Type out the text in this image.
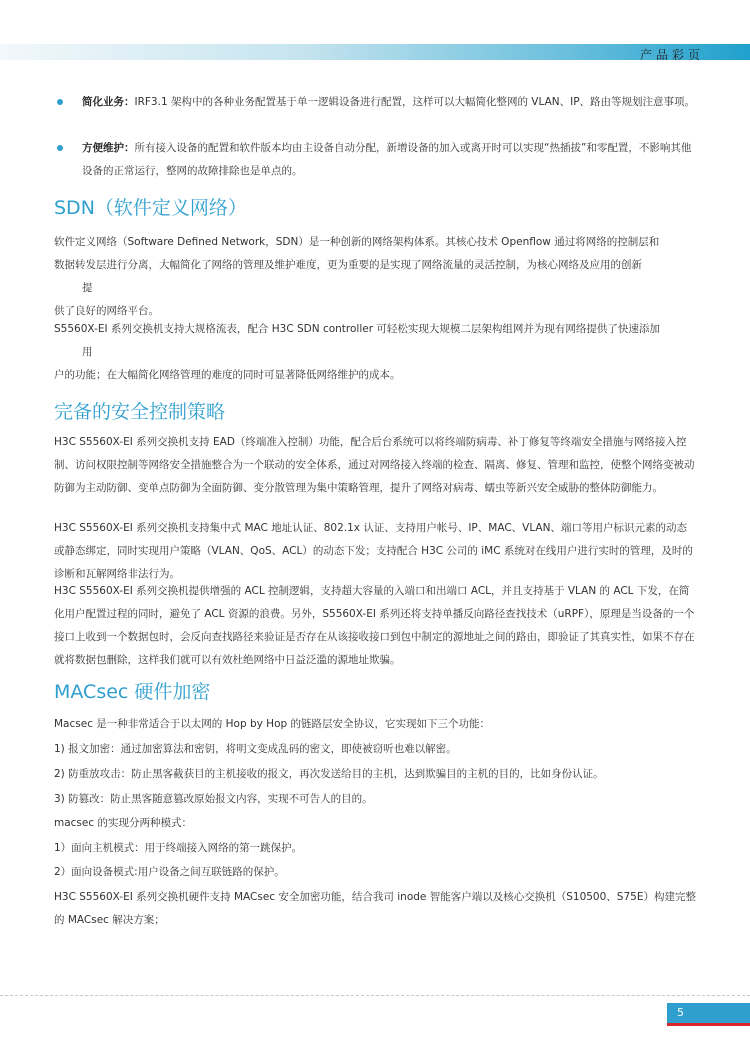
产品彩页
简化业务：IRF3.1 架构中的各种业务配置基于单一逻辑设备进行配置，这样可以大幅简化整网的 VLAN、IP、路由等规划注意事项。
方便维护：所有接入设备的配置和软件版本均由主设备自动分配，新增设备的加入或离开时可以实现“热插拔”和零配置，不影响其他设备的正常运行，整网的故障排除也是单点的。
SDN（软件定义网络）
软件定义网络（Software Defined Network，SDN）是一种创新的网络架构体系。其核心技术 Openflow 通过将网络的控制层和
数据转发层进行分离，大幅简化了网络的管理及维护难度，更为重要的是实现了网络流量的灵活控制，为核心网络及应用的创新
提
供了良好的网络平台。
S5560X-EI 系列交换机支持大规格流表，配合 H3C SDN controller 可轻松实现大规模二层架构组网并为现有网络提供了快速添加
用
户的功能；在大幅简化网络管理的难度的同时可显著降低网络维护的成本。
完备的安全控制策略
H3C S5560X-EI 系列交换机支持 EAD（终端准入控制）功能，配合后台系统可以将终端防病毒、补丁修复等终端安全措施与网络接入控制、访问权限控制等网络安全措施整合为一个联动的安全体系，通过对网络接入终端的检查、隔离、修复、管理和监控，使整个网络变被动防御为主动防御、变单点防御为全面防御、变分散管理为集中策略管理，提升了网络对病毒、蠕虫等新兴安全威胁的整体防御能力。
H3C S5560X-EI 系列交换机支持集中式 MAC 地址认证、802.1x 认证、支持用户帐号、IP、MAC、VLAN、端口等用户标识元素的动态或静态绑定，同时实现用户策略（VLAN、QoS、ACL）的动态下发；支持配合 H3C 公司的 iMC 系统对在线用户进行实时的管理，及时的诊断和瓦解网络非法行为。
H3C S5560X-EI 系列交换机提供增强的 ACL 控制逻辑，支持超大容量的入端口和出端口 ACL，并且支持基于 VLAN 的 ACL 下发，在简化用户配置过程的同时，避免了 ACL 资源的浪费。另外，S5560X-EI 系列还将支持单播反向路径查找技术（uRPF），原理是当设备的一个接口上收到一个数据包时，会反向查找路径来验证是否存在从该接收接口到包中制定的源地址之间的路由，即验证了其真实性，如果不存在就将数据包删除，这样我们就可以有效杜绝网络中日益泛滥的源地址欺骗。
MACsec 硬件加密
Macsec 是一种非常适合于以太网的 Hop by Hop 的链路层安全协议，它实现如下三个功能：
1) 报文加密：通过加密算法和密钥，将明文变成乱码的密文，即使被窃听也难以解密。
2) 防重放攻击：防止黑客截获目的主机接收的报文，再次发送给目的主机，达到欺骗目的主机的目的，比如身份认证。
3) 防篡改：防止黑客随意篡改原始报文内容，实现不可告人的目的。
macsec 的实现分两种模式：
1）面向主机模式：用于终端接入网络的第一跳保护。
2）面向设备模式:用户设备之间互联链路的保护。
H3C S5560X-EI 系列交换机硬件支持 MACsec 安全加密功能，结合我司 inode 智能客户端以及核心交换机（S10500、S75E）构建完整的 MACsec 解决方案；
5
